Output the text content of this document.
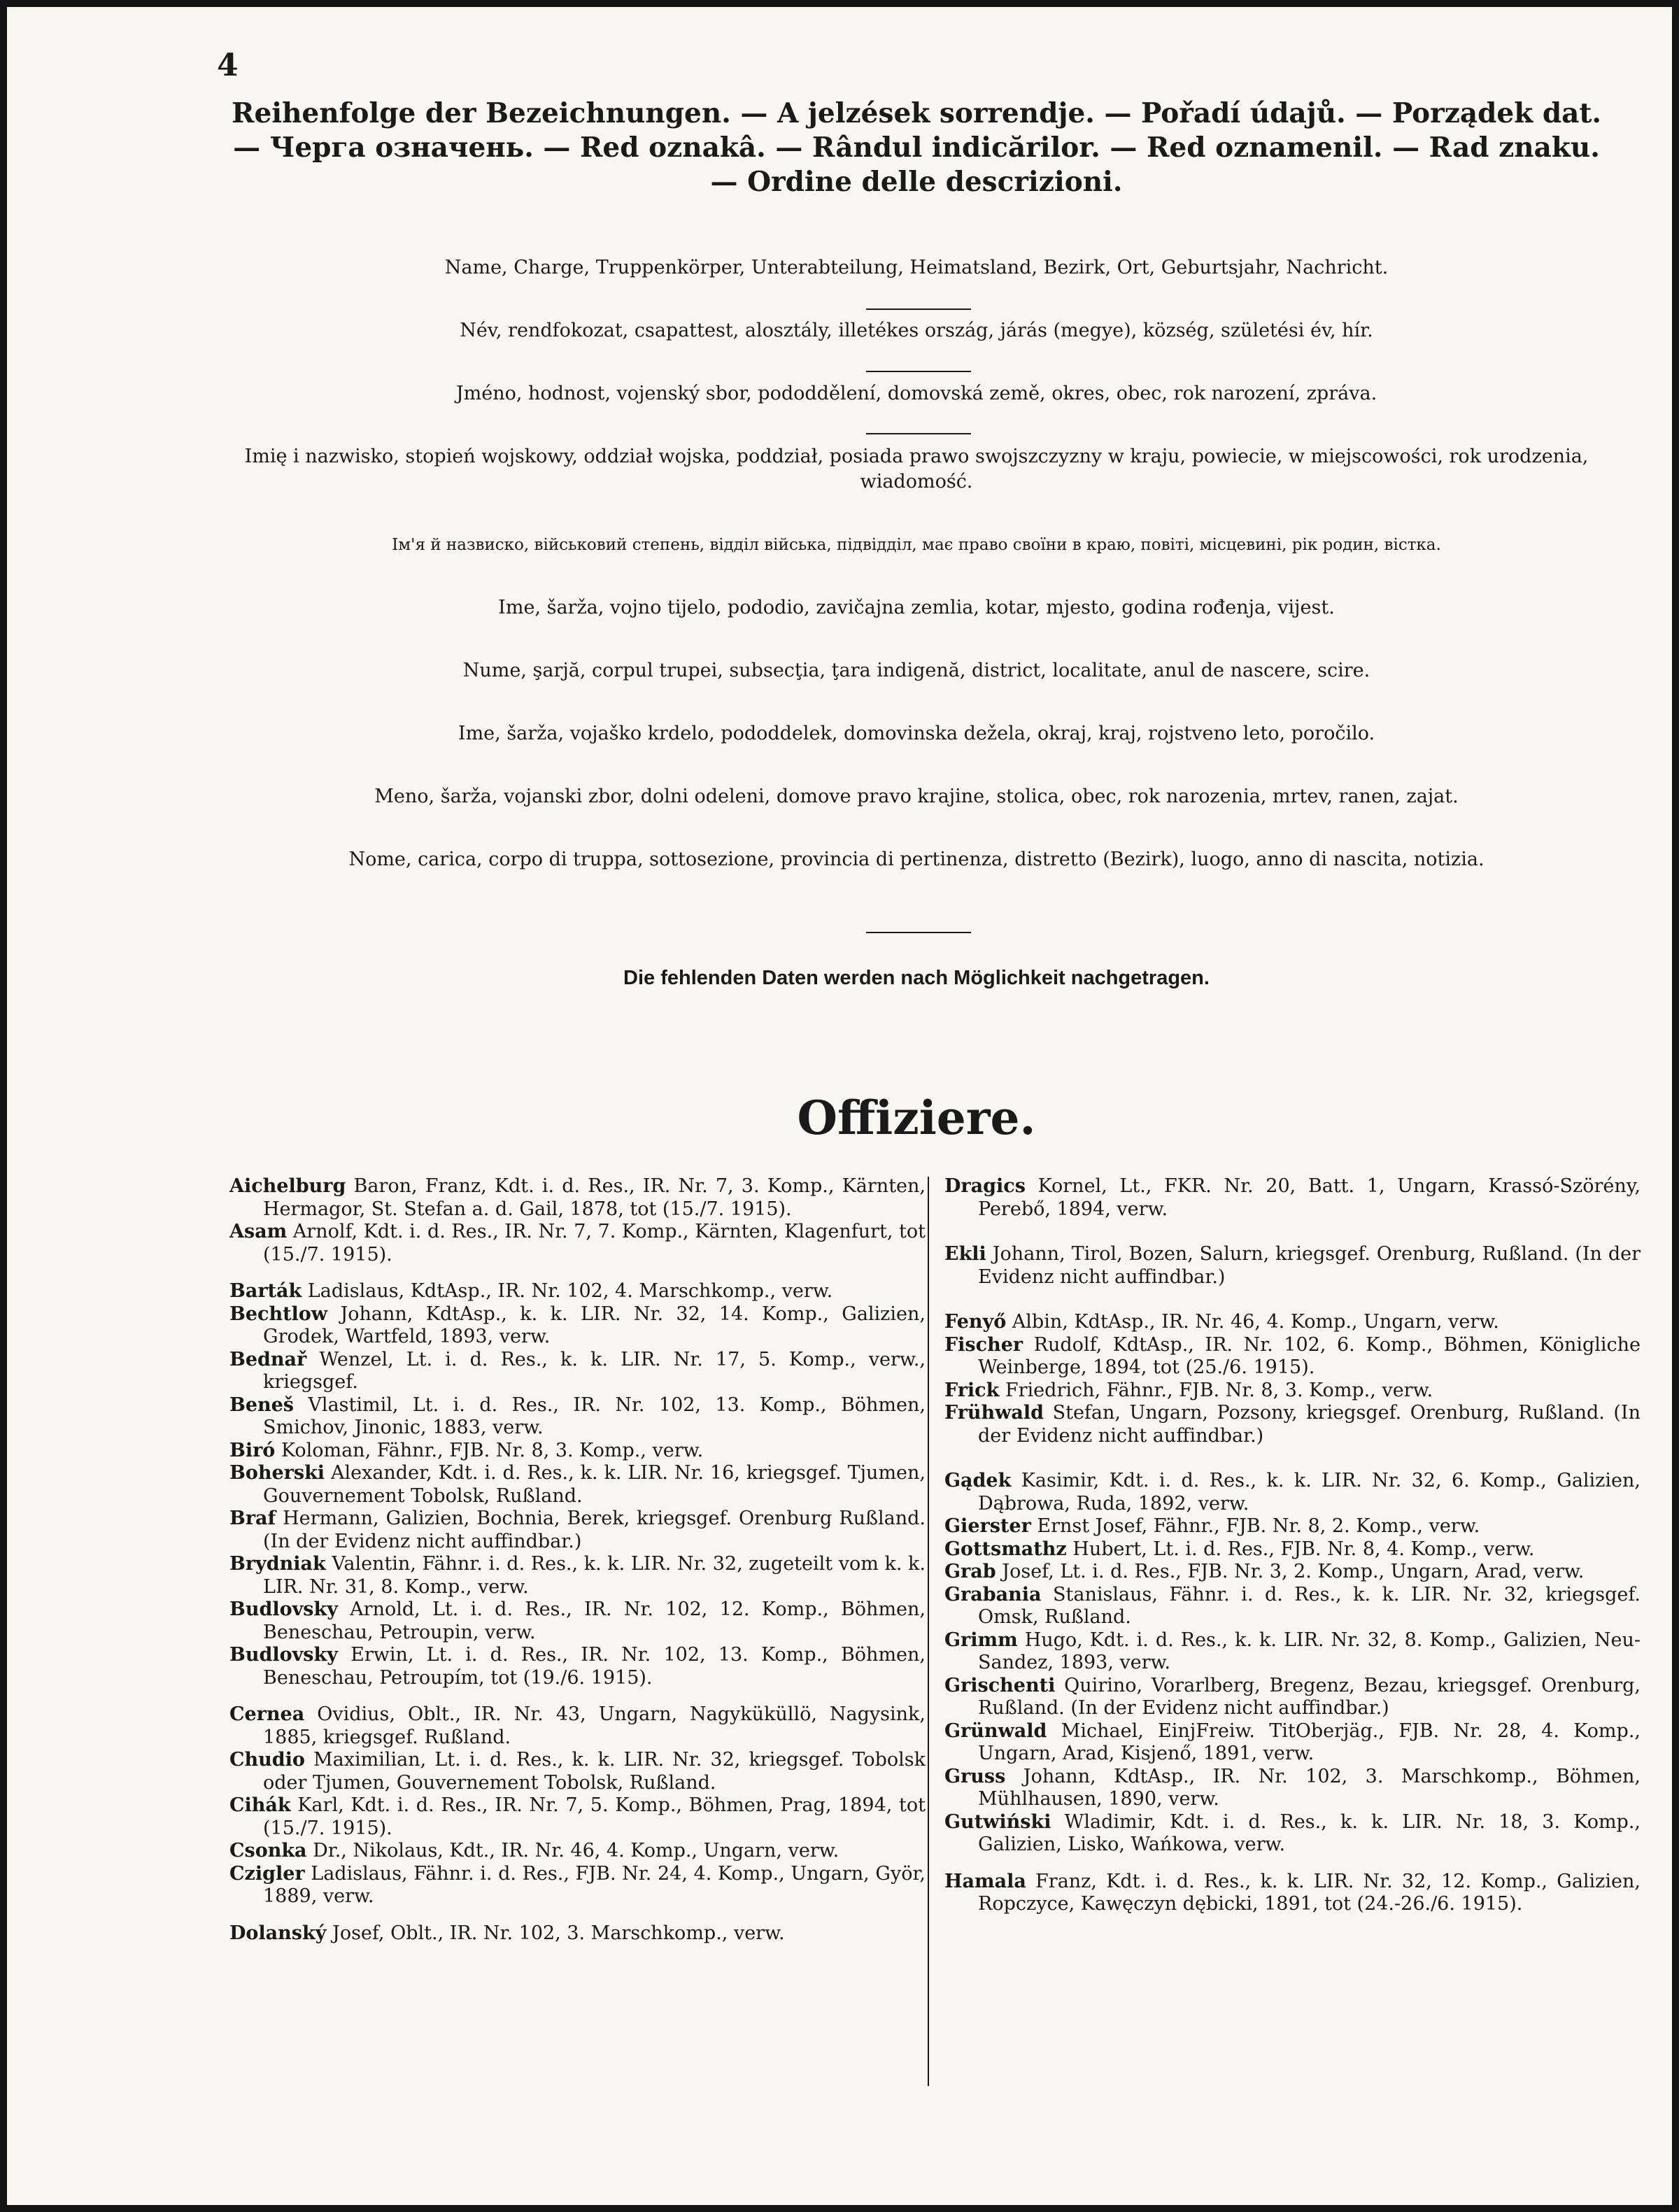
4

Reihenfolge der Bezeichnungen. — A jelzések sorrendje. — Pořadí údajů. — Porządek dat. — Черга означень. — Red oznakâ. — Rândul indicărilor. — Red oznamenil. — Rad znaku. — Ordine delle descrizioni.

Name, Charge, Truppenkörper, Unterabteilung, Heimatsland, Bezirk, Ort, Geburtsjahr, Nachricht.

Név, rendfokozat, csapattest, alosztály, illetékes ország, járás (megye), község, születési év, hír.

Jméno, hodnost, vojenský sbor, pododdělení, domovská země, okres, obec, rok narození, zpráva.

Imię i nazwisko, stopień wojskowy, oddział wojska, poddział, posiada prawo swojszczyzny w kraju, powiecie, w miejscowości, rok urodzenia, wiadomość.

Ім'я й назвиско, військовий степень, відділ війська, підвідділ, має право своїни в краю, повіті, місцевині, рік родин, вістка.

Ime, šarža, vojno tijelo, pododio, zavičajna zemlia, kotar, mjesto, godina rođenja, vijest.

Nume, şarjă, corpul trupei, subsecţia, ţara indigenă, district, localitate, anul de nascere, scire.

Ime, šarža, vojaško krdelo, pododdelek, domovinska dežela, okraj, kraj, rojstveno leto, poročilo.

Meno, šarža, vojanski zbor, dolni odeleni, domove pravo krajine, stolica, obec, rok narozenia, mrtev, ranen, zajat.

Nome, carica, corpo di truppa, sottosezione, provincia di pertinenza, distretto (Bezirk), luogo, anno di nascita, notizia.

Die fehlenden Daten werden nach Möglichkeit nachgetragen.

Offiziere.
Aichelburg Baron, Franz, Kdt. i. d. Res., IR. Nr. 7, 3. Komp., Kärnten, Hermagor, St. Stefan a. d. Gail, 1878, tot (15./7. 1915).
Asam Arnolf, Kdt. i. d. Res., IR. Nr. 7, 7. Komp., Kärnten, Klagenfurt, tot (15./7. 1915).
Barták Ladislaus, KdtAsp., IR. Nr. 102, 4. Marschkomp., verw.
Bechtlow Johann, KdtAsp., k. k. LIR. Nr. 32, 14. Komp., Galizien, Grodek, Wartfeld, 1893, verw.
Bednař Wenzel, Lt. i. d. Res., k. k. LIR. Nr. 17, 5. Komp., verw., kriegsgef.
Beneš Vlastimil, Lt. i. d. Res., IR. Nr. 102, 13. Komp., Böhmen, Smichov, Jinonic, 1883, verw.
Biró Koloman, Fähnr., FJB. Nr. 8, 3. Komp., verw.
Boherski Alexander, Kdt. i. d. Res., k. k. LIR. Nr. 16, kriegsgef. Tjumen, Gouvernement Tobolsk, Rußland.
Braf Hermann, Galizien, Bochnia, Berek, kriegsgef. Orenburg Rußland. (In der Evidenz nicht auffindbar.)
Brydniak Valentin, Fähnr. i. d. Res., k. k. LIR. Nr. 32, zugeteilt vom k. k. LIR. Nr. 31, 8. Komp., verw.
Budlovsky Arnold, Lt. i. d. Res., IR. Nr. 102, 12. Komp., Böhmen, Beneschau, Petroupin, verw.
Budlovsky Erwin, Lt. i. d. Res., IR. Nr. 102, 13. Komp., Böhmen, Beneschau, Petroupím, tot (19./6. 1915).
Cernea Ovidius, Oblt., IR. Nr. 43, Ungarn, Nagyküküllö, Nagysink, 1885, kriegsgef. Rußland.
Chudio Maximilian, Lt. i. d. Res., k. k. LIR. Nr. 32, kriegsgef. Tobolsk oder Tjumen, Gouvernement Tobolsk, Rußland.
Cihák Karl, Kdt. i. d. Res., IR. Nr. 7, 5. Komp., Böhmen, Prag, 1894, tot (15./7. 1915).
Csonka Dr., Nikolaus, Kdt., IR. Nr. 46, 4. Komp., Ungarn, verw.
Czigler Ladislaus, Fähnr. i. d. Res., FJB. Nr. 24, 4. Komp., Ungarn, Györ, 1889, verw.
Dolanský Josef, Oblt., IR. Nr. 102, 3. Marschkomp., verw.
Dragics Kornel, Lt., FKR. Nr. 20, Batt. 1, Ungarn, Krassó-Szörény, Perebő, 1894, verw.
Ekli Johann, Tirol, Bozen, Salurn, kriegsgef. Orenburg, Rußland. (In der Evidenz nicht auffindbar.)
Fenyő Albin, KdtAsp., IR. Nr. 46, 4. Komp., Ungarn, verw.
Fischer Rudolf, KdtAsp., IR. Nr. 102, 6. Komp., Böhmen, Königliche Weinberge, 1894, tot (25./6. 1915).
Frick Friedrich, Fähnr., FJB. Nr. 8, 3. Komp., verw.
Frühwald Stefan, Ungarn, Pozsony, kriegsgef. Orenburg, Rußland. (In der Evidenz nicht auffindbar.)
Gądek Kasimir, Kdt. i. d. Res., k. k. LIR. Nr. 32, 6. Komp., Galizien, Dąbrowa, Ruda, 1892, verw.
Gierster Ernst Josef, Fähnr., FJB. Nr. 8, 2. Komp., verw.
Gottsmathz Hubert, Lt. i. d. Res., FJB. Nr. 8, 4. Komp., verw.
Grab Josef, Lt. i. d. Res., FJB. Nr. 3, 2. Komp., Ungarn, Arad, verw.
Grabania Stanislaus, Fähnr. i. d. Res., k. k. LIR. Nr. 32, kriegsgef. Omsk, Rußland.
Grimm Hugo, Kdt. i. d. Res., k. k. LIR. Nr. 32, 8. Komp., Galizien, Neu-Sandez, 1893, verw.
Grischenti Quirino, Vorarlberg, Bregenz, Bezau, kriegsgef. Orenburg, Rußland. (In der Evidenz nicht auffindbar.)
Grünwald Michael, EinjFreiw. TitOberjäg., FJB. Nr. 28, 4. Komp., Ungarn, Arad, Kisjenő, 1891, verw.
Gruss Johann, KdtAsp., IR. Nr. 102, 3. Marschkomp., Böhmen, Mühlhausen, 1890, verw.
Gutwiński Wladimir, Kdt. i. d. Res., k. k. LIR. Nr. 18, 3. Komp., Galizien, Lisko, Wańkowa, verw.
Hamala Franz, Kdt. i. d. Res., k. k. LIR. Nr. 32, 12. Komp., Galizien, Ropczyce, Kawęczyn dębicki, 1891, tot (24.-26./6. 1915).
